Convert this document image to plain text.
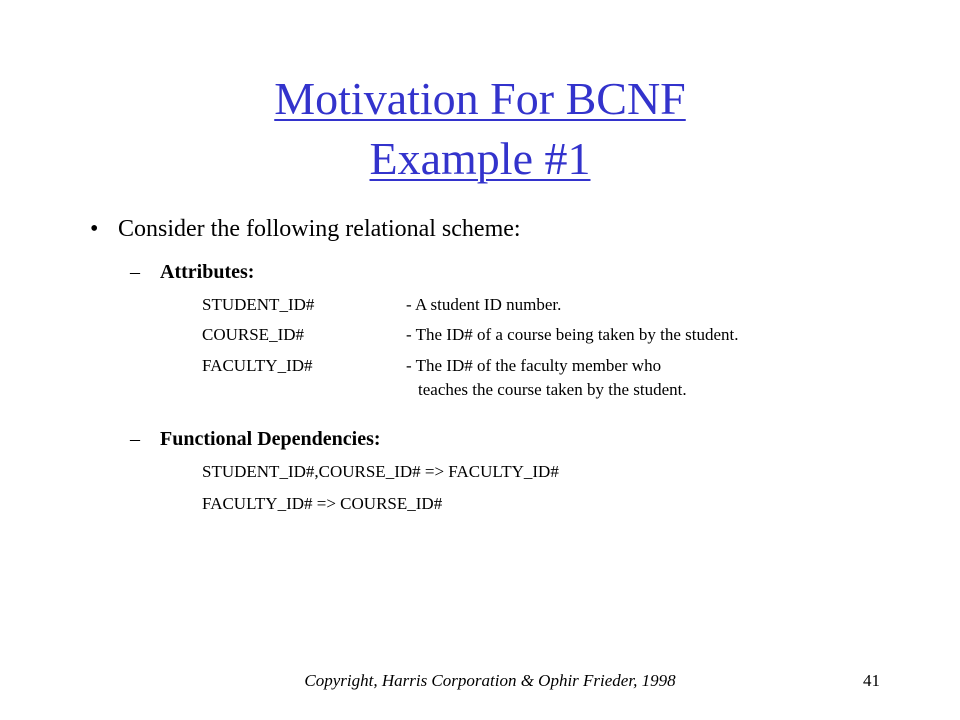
Motivation For BCNF
Example #1
• Consider the following relational scheme:
– Attributes:
STUDENT_ID#	- A student ID number.
COURSE_ID#	- The ID# of a course being taken by the student.
FACULTY_ID#	- The ID# of the faculty member who
teaches the course taken by the student.
– Functional Dependencies:
STUDENT_ID#,COURSE_ID# => FACULTY_ID#
FACULTY_ID# => COURSE_ID#
Copyright, Harris Corporation & Ophir Frieder, 1998	41
